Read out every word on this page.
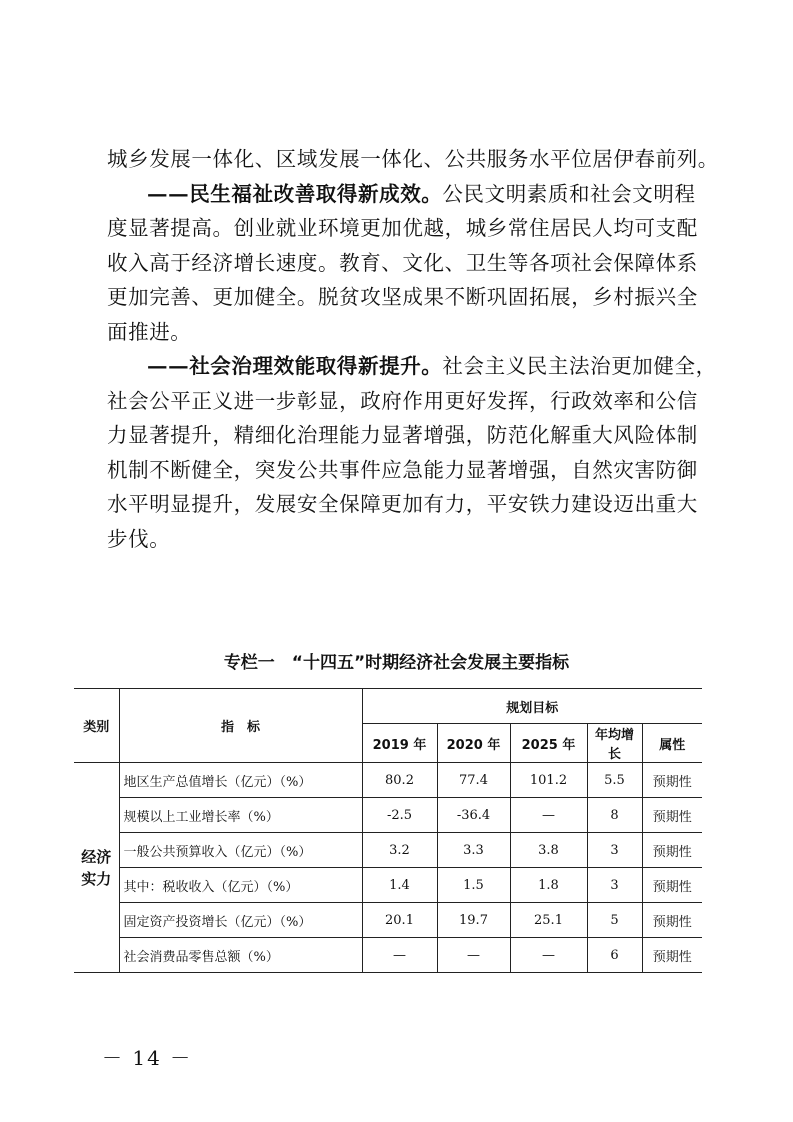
城乡发展一体化、区域发展一体化、公共服务水平位居伊春前列。
——民生福祉改善取得新成效。公民文明素质和社会文明程
度显著提高。创业就业环境更加优越，城乡常住居民人均可支配
收入高于经济增长速度。教育、文化、卫生等各项社会保障体系
更加完善、更加健全。脱贫攻坚成果不断巩固拓展，乡村振兴全
面推进。
——社会治理效能取得新提升。社会主义民主法治更加健全，
社会公平正义进一步彰显，政府作用更好发挥，行政效率和公信
力显著提升，精细化治理能力显著增强，防范化解重大风险体制
机制不断健全，突发公共事件应急能力显著增强，自然灾害防御
水平明显提升，发展安全保障更加有力，平安铁力建设迈出重大
步伐。
专栏一　“十四五”时期经济社会发展主要指标
类别	指　标	规划目标				
		2019 年	2020 年	2025 年	年均增长	属性
经济
实力	地区生产总值增长（亿元）（%）	80.2	77.4	101.2	5.5	预期性
	规模以上工业增长率（%）	-2.5	-36.4	—	8	预期性
	一般公共预算收入（亿元）（%）	3.2	3.3	3.8	3	预期性
	其中：税收收入（亿元）（%）	1.4	1.5	1.8	3	预期性
	固定资产投资增长（亿元）（%）	20.1	19.7	25.1	5	预期性
	社会消费品零售总额（%）	—	—	—	6	预期性
－ 14 －
